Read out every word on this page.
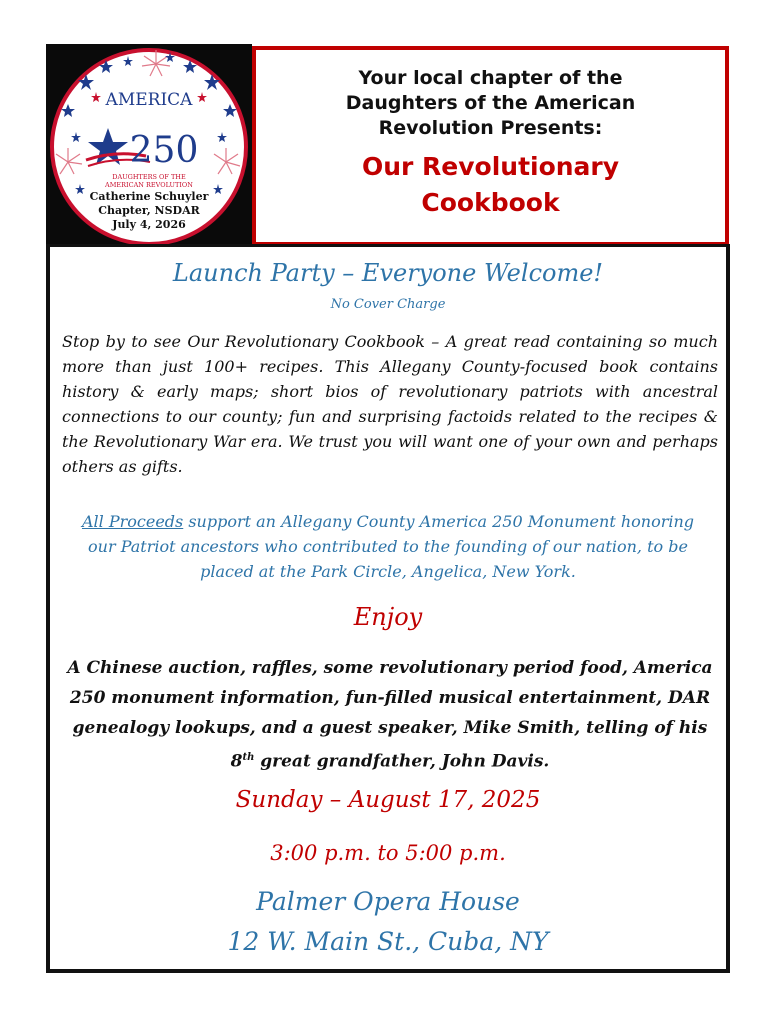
AMERICA
250
DAUGHTERS OF THE
AMERICAN REVOLUTION
Catherine Schuyler
Chapter, NSDAR
July 4, 2026
Your local chapter of the
Daughters of the American
Revolution Presents:
Our Revolutionary
Cookbook
Launch Party – Everyone Welcome!
No Cover Charge
Stop by to see Our Revolutionary Cookbook – A great read containing so much more than just 100+ recipes. This Allegany County-focused book contains history & early maps; short bios of revolutionary patriots with ancestral connections to our county; fun and surprising factoids related to the recipes & the Revolutionary War era. We trust you will want one of your own and perhaps others as gifts.
All Proceeds support an Allegany County America 250 Monument honoring our Patriot ancestors who contributed to the founding of our nation, to be placed at the Park Circle, Angelica, New York.
Enjoy
A Chinese auction, raffles, some revolutionary period food, America 250 monument information, fun-filled musical entertainment, DAR genealogy lookups, and a guest speaker, Mike Smith, telling of his 8th great grandfather, John Davis.
Sunday – August 17, 2025
3:00 p.m. to 5:00 p.m.
Palmer Opera House
12 W. Main St., Cuba, NY
